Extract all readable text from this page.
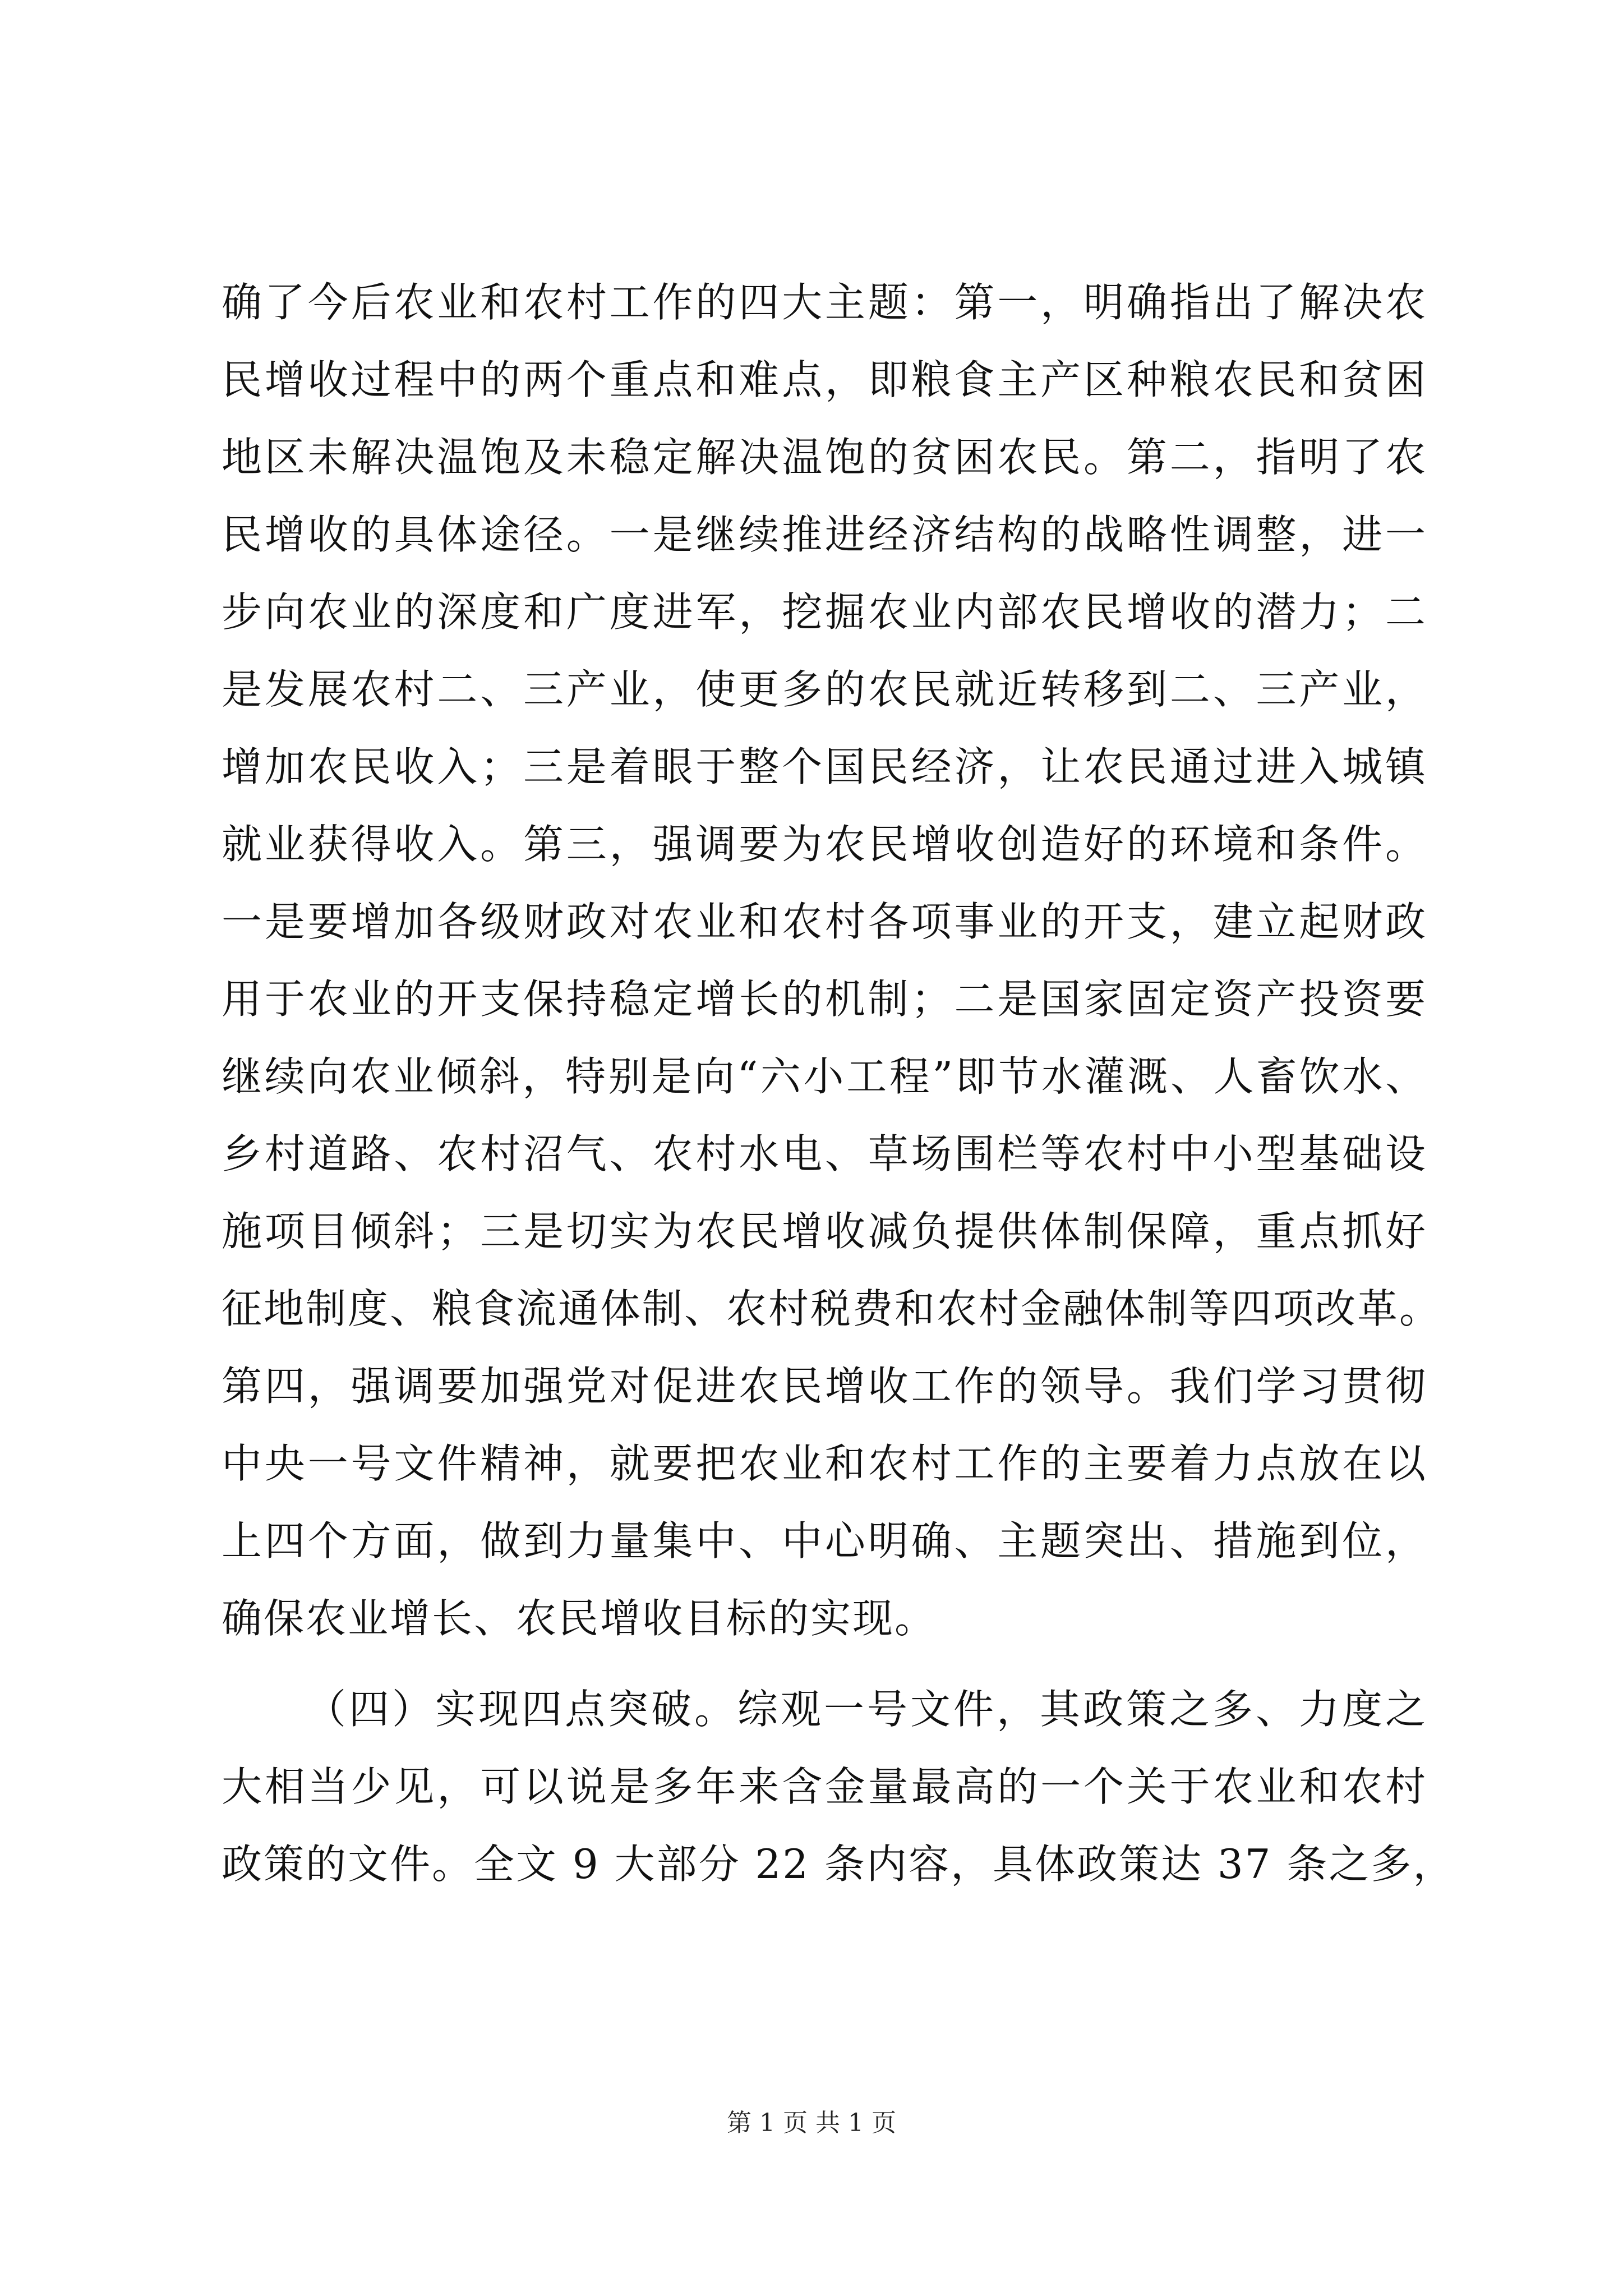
确了今后农业和农村工作的四大主题：第一，明确指出了解决农
民增收过程中的两个重点和难点，即粮食主产区种粮农民和贫困
地区未解决温饱及未稳定解决温饱的贫困农民。第二，指明了农
民增收的具体途径。一是继续推进经济结构的战略性调整，进一
步向农业的深度和广度进军，挖掘农业内部农民增收的潜力；二
是发展农村二、三产业，使更多的农民就近转移到二、三产业，
增加农民收入；三是着眼于整个国民经济，让农民通过进入城镇
就业获得收入。第三，强调要为农民增收创造好的环境和条件。
一是要增加各级财政对农业和农村各项事业的开支，建立起财政
用于农业的开支保持稳定增长的机制；二是国家固定资产投资要
继续向农业倾斜，特别是向“六小工程”即节水灌溉、人畜饮水、
乡村道路、农村沼气、农村水电、草场围栏等农村中小型基础设
施项目倾斜；三是切实为农民增收减负提供体制保障，重点抓好
征地制度、粮食流通体制、农村税费和农村金融体制等四项改革。
第四，强调要加强党对促进农民增收工作的领导。我们学习贯彻
中央一号文件精神，就要把农业和农村工作的主要着力点放在以
上四个方面，做到力量集中、中心明确、主题突出、措施到位，
确保农业增长、农民增收目标的实现。
（四）实现四点突破。综观一号文件，其政策之多、力度之
大相当少见，可以说是多年来含金量最高的一个关于农业和农村
政策的文件。全文 9 大部分 22 条内容，具体政策达 37 条之多，
第 1 页 共 1 页
